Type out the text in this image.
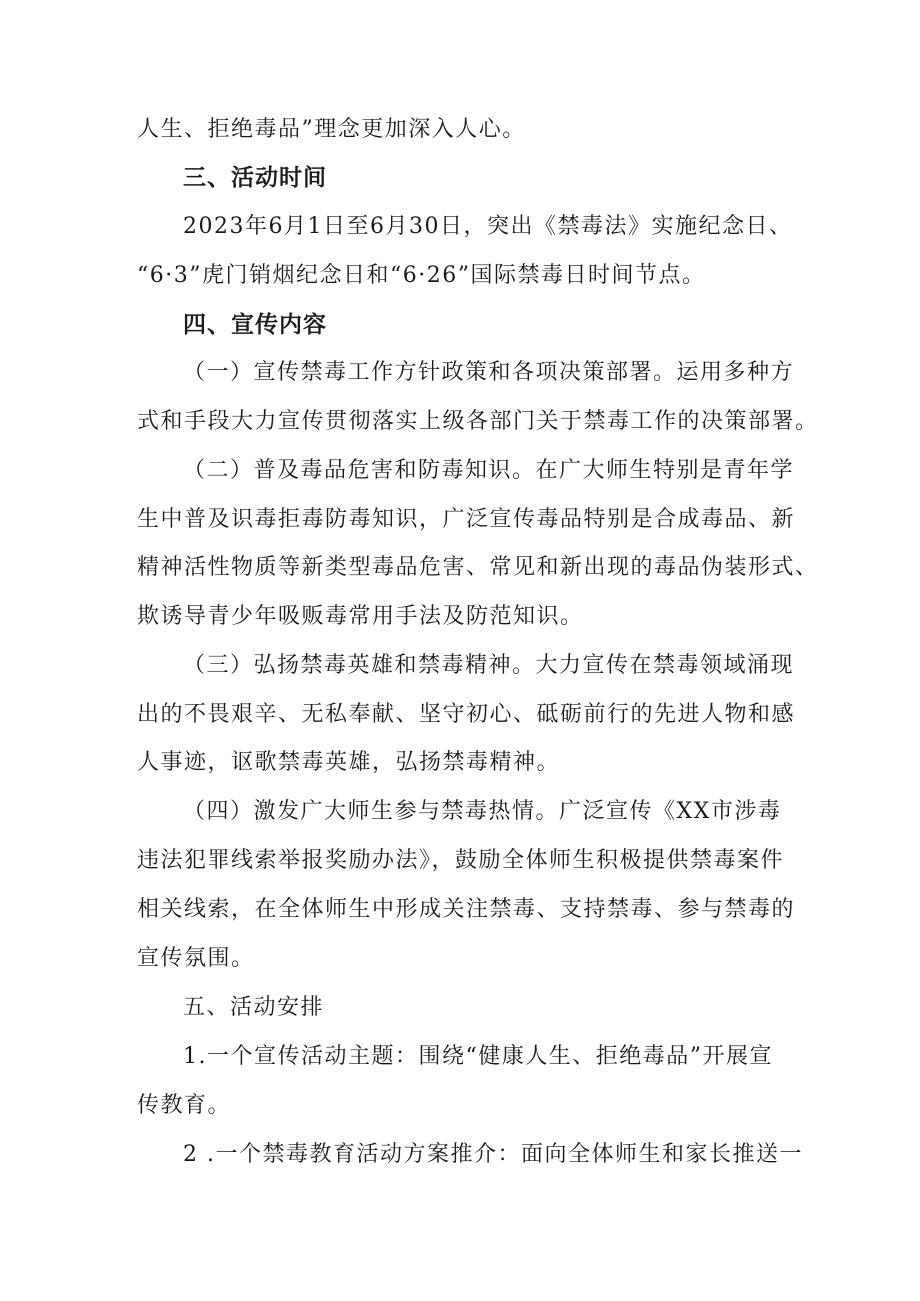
人生、拒绝毒品”理念更加深入人心。
三、活动时间
2023年6月1日至6月30日，突出《禁毒法》实施纪念日、
“6·3”虎门销烟纪念日和“6·26”国际禁毒日时间节点。
四、宣传内容
（一）宣传禁毒工作方针政策和各项决策部署。运用多种方
式和手段大力宣传贯彻落实上级各部门关于禁毒工作的决策部署。
（二）普及毒品危害和防毒知识。在广大师生特别是青年学
生中普及识毒拒毒防毒知识，广泛宣传毒品特别是合成毒品、新
精神活性物质等新类型毒品危害、常见和新出现的毒品伪装形式、
欺诱导青少年吸贩毒常用手法及防范知识。
（三）弘扬禁毒英雄和禁毒精神。大力宣传在禁毒领域涌现
出的不畏艰辛、无私奉献、坚守初心、砥砺前行的先进人物和感
人事迹，讴歌禁毒英雄，弘扬禁毒精神。
（四）激发广大师生参与禁毒热情。广泛宣传《XX市涉毒
违法犯罪线索举报奖励办法》，鼓励全体师生积极提供禁毒案件
相关线索，在全体师生中形成关注禁毒、支持禁毒、参与禁毒的
宣传氛围。
五、活动安排
1.一个宣传活动主题：围绕“健康人生、拒绝毒品”开展宣
传教育。
2 .一个禁毒教育活动方案推介：面向全体师生和家长推送一
